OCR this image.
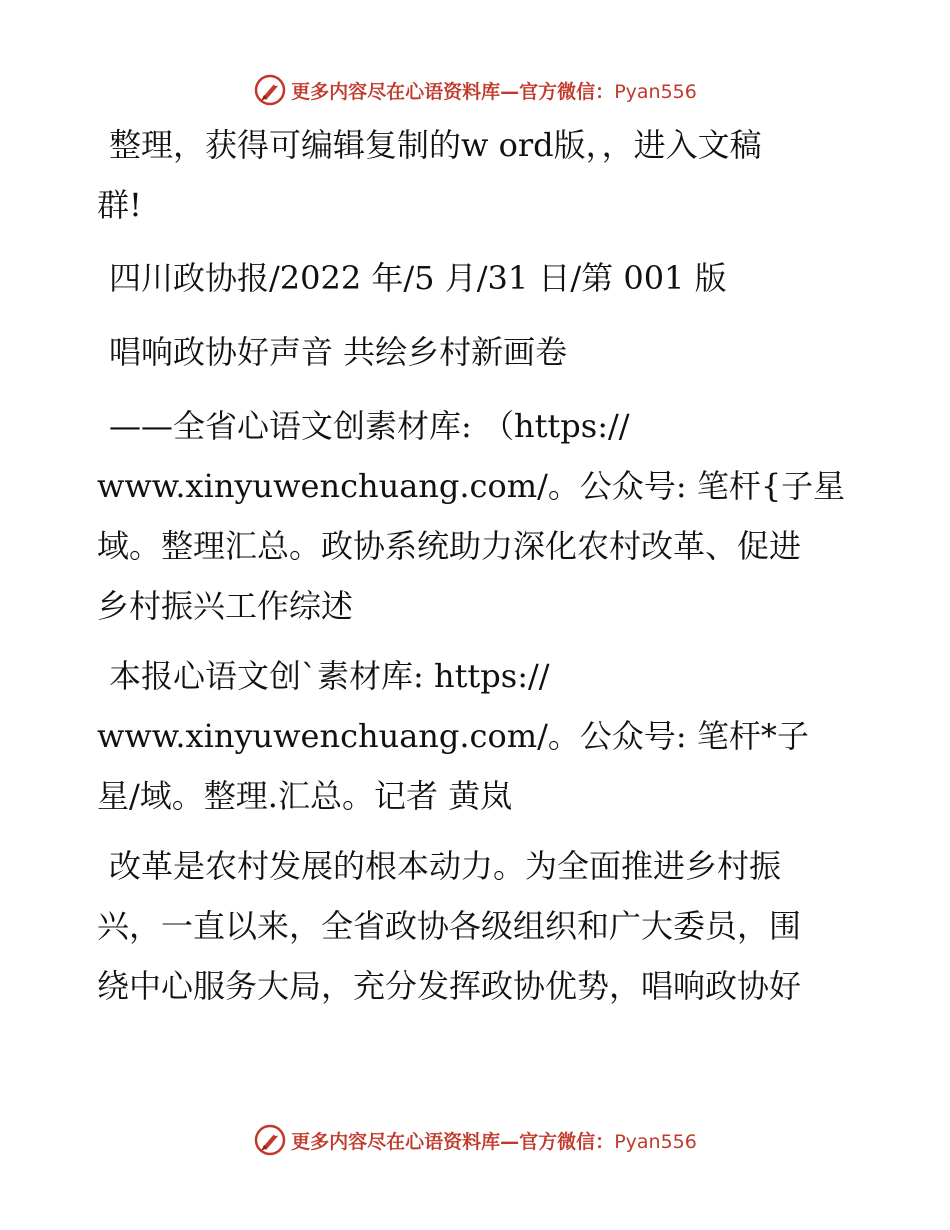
更多内容尽在心语资料库—官方微信：Pyan556
整理，获得可编辑复制的w ord版，，进入文稿
群!
四川政协报/2022 年/5 月/31 日/第 001 版
唱响政协好声音 共绘乡村新画卷
——全省心语文创素材库: （https://
www.xinyuwenchuang.com/。公众号: 笔杆{子星
域。整理汇总。政协系统助力深化农村改革、促进
乡村振兴工作综述
本报心语文创`素材库: https://
www.xinyuwenchuang.com/。公众号: 笔杆*子
星/域。整理.汇总。记者 黄岚
改革是农村发展的根本动力。为全面推进乡村振
兴，一直以来，全省政协各级组织和广大委员，围
绕中心服务大局，充分发挥政协优势，唱响政协好
更多内容尽在心语资料库—官方微信：Pyan556
